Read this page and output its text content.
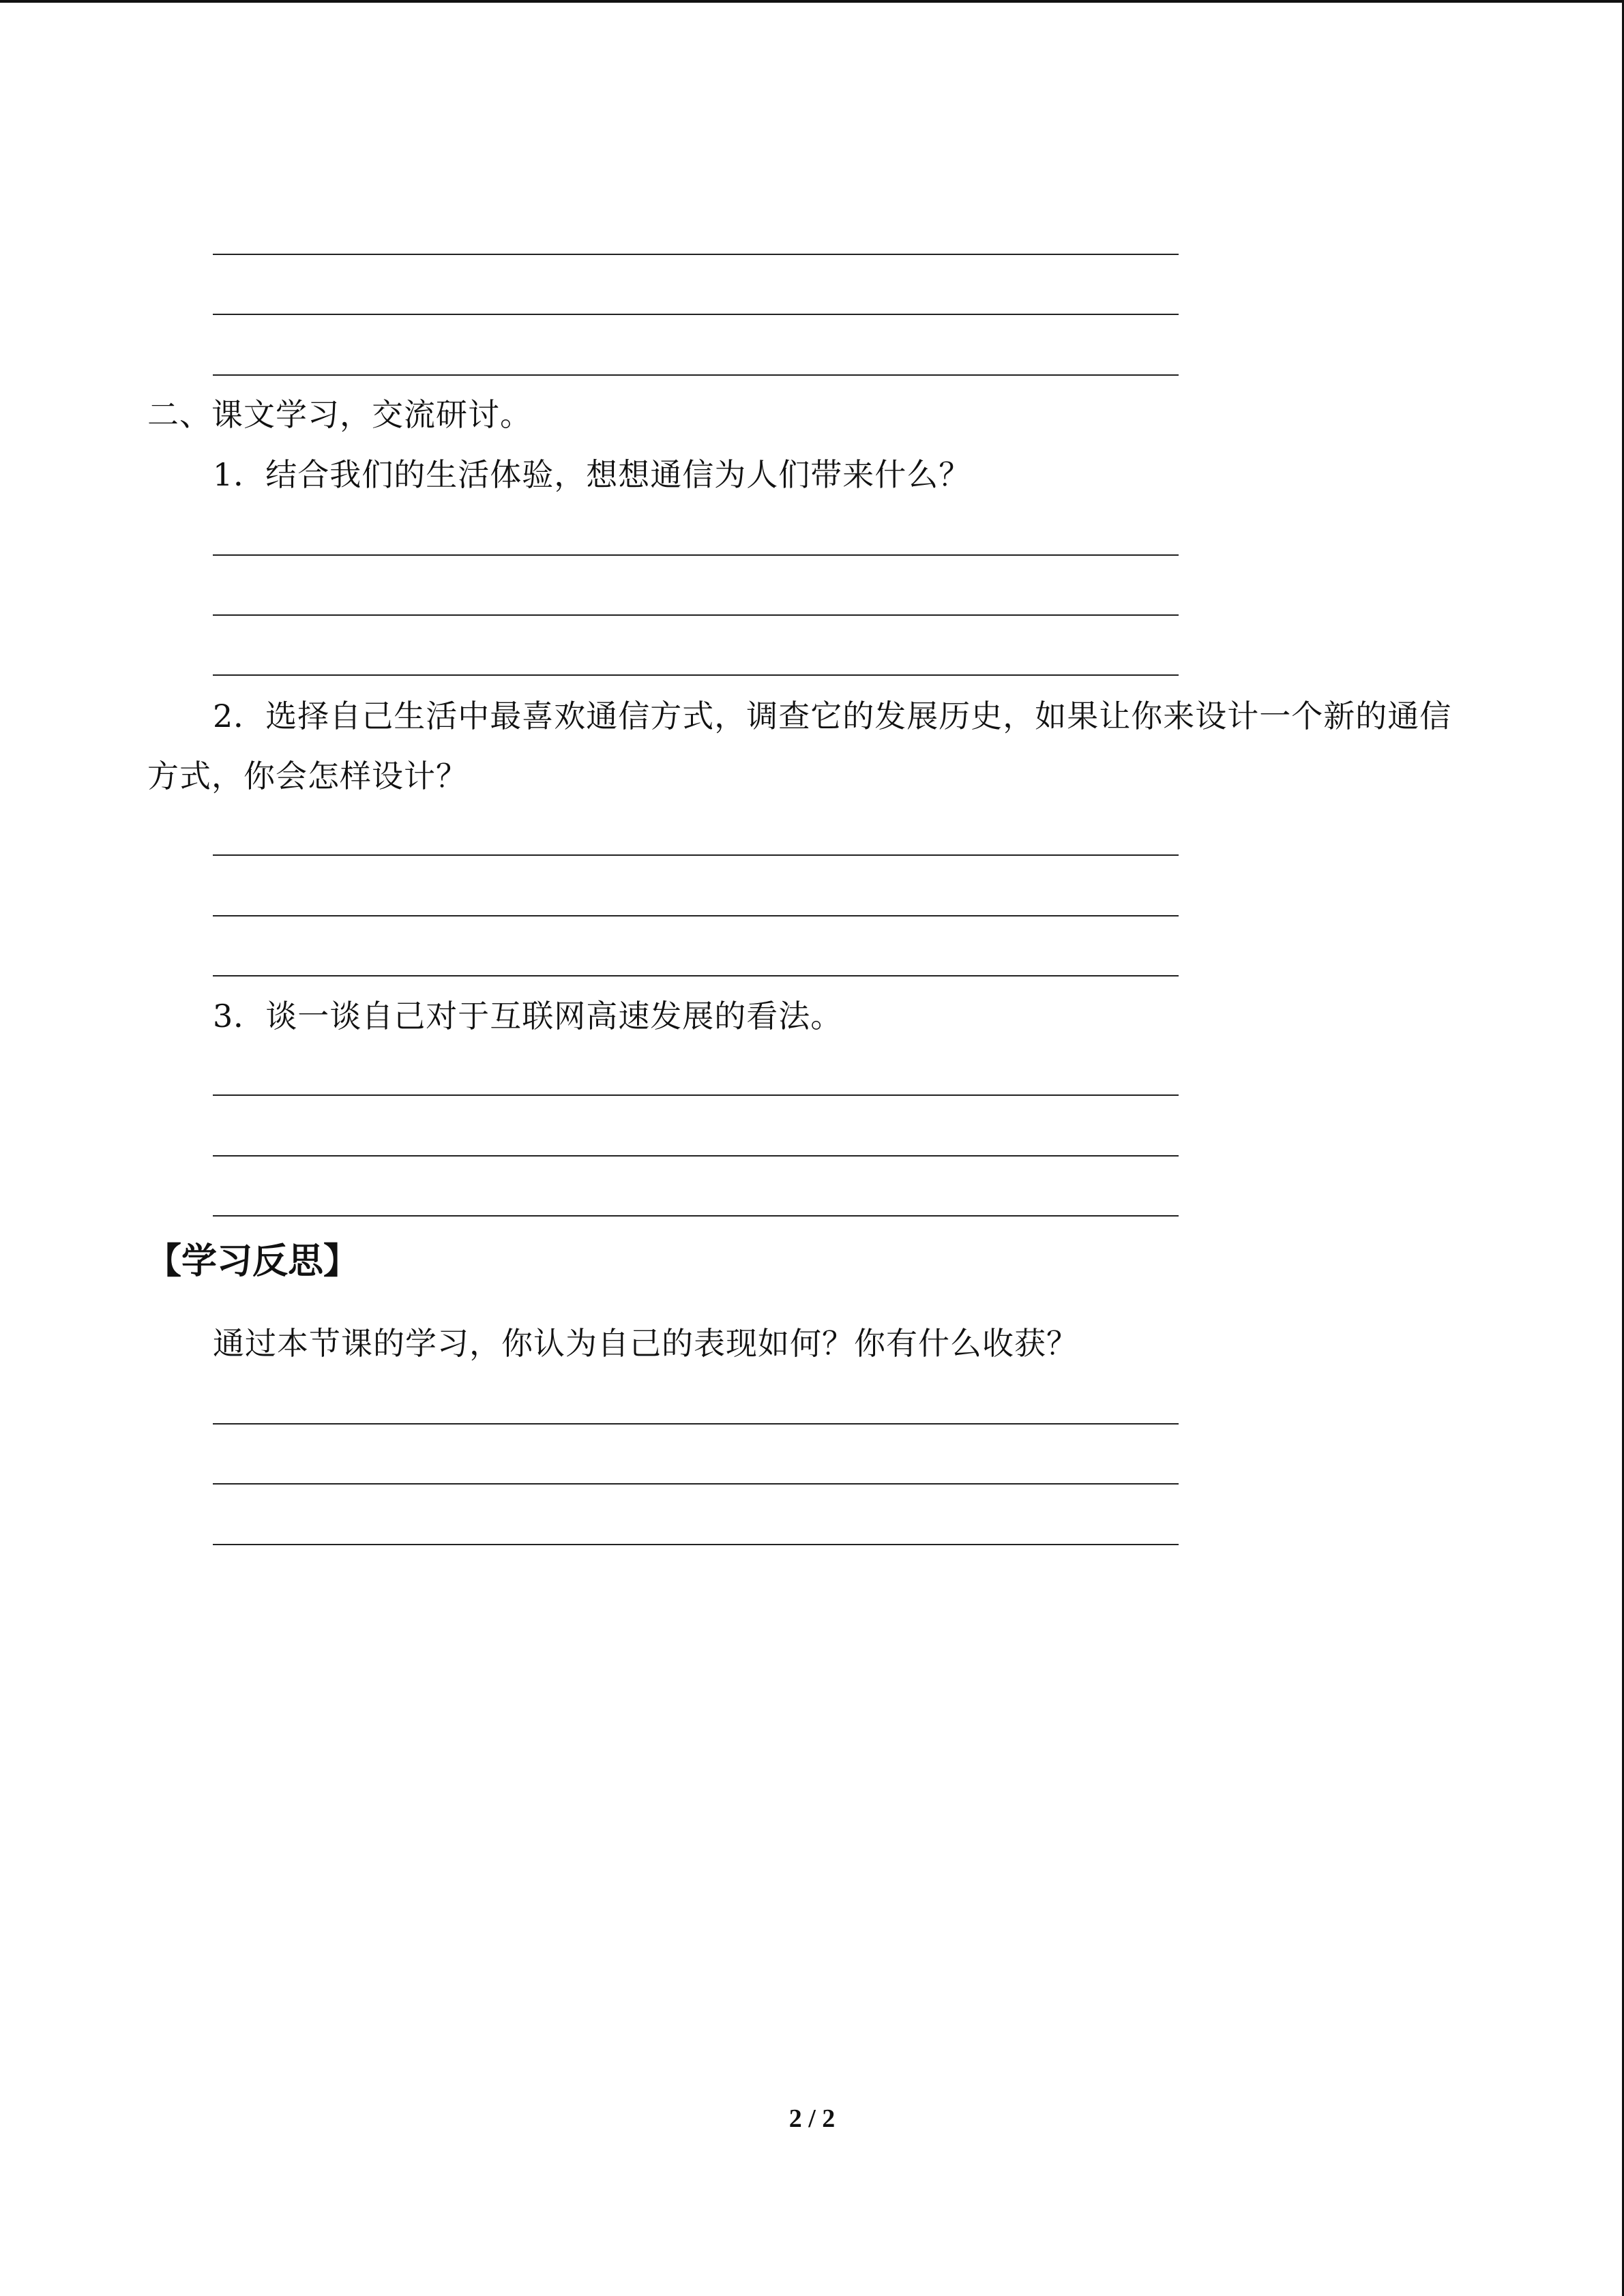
二、课文学习，交流研讨。
1．结合我们的生活体验，想想通信为人们带来什么？
2．选择自己生活中最喜欢通信方式，调查它的发展历史，如果让你来设计一个新的通信
方式，你会怎样设计？
3．谈一谈自己对于互联网高速发展的看法。
【学习反思】
通过本节课的学习，你认为自己的表现如何？你有什么收获？
2 / 2
